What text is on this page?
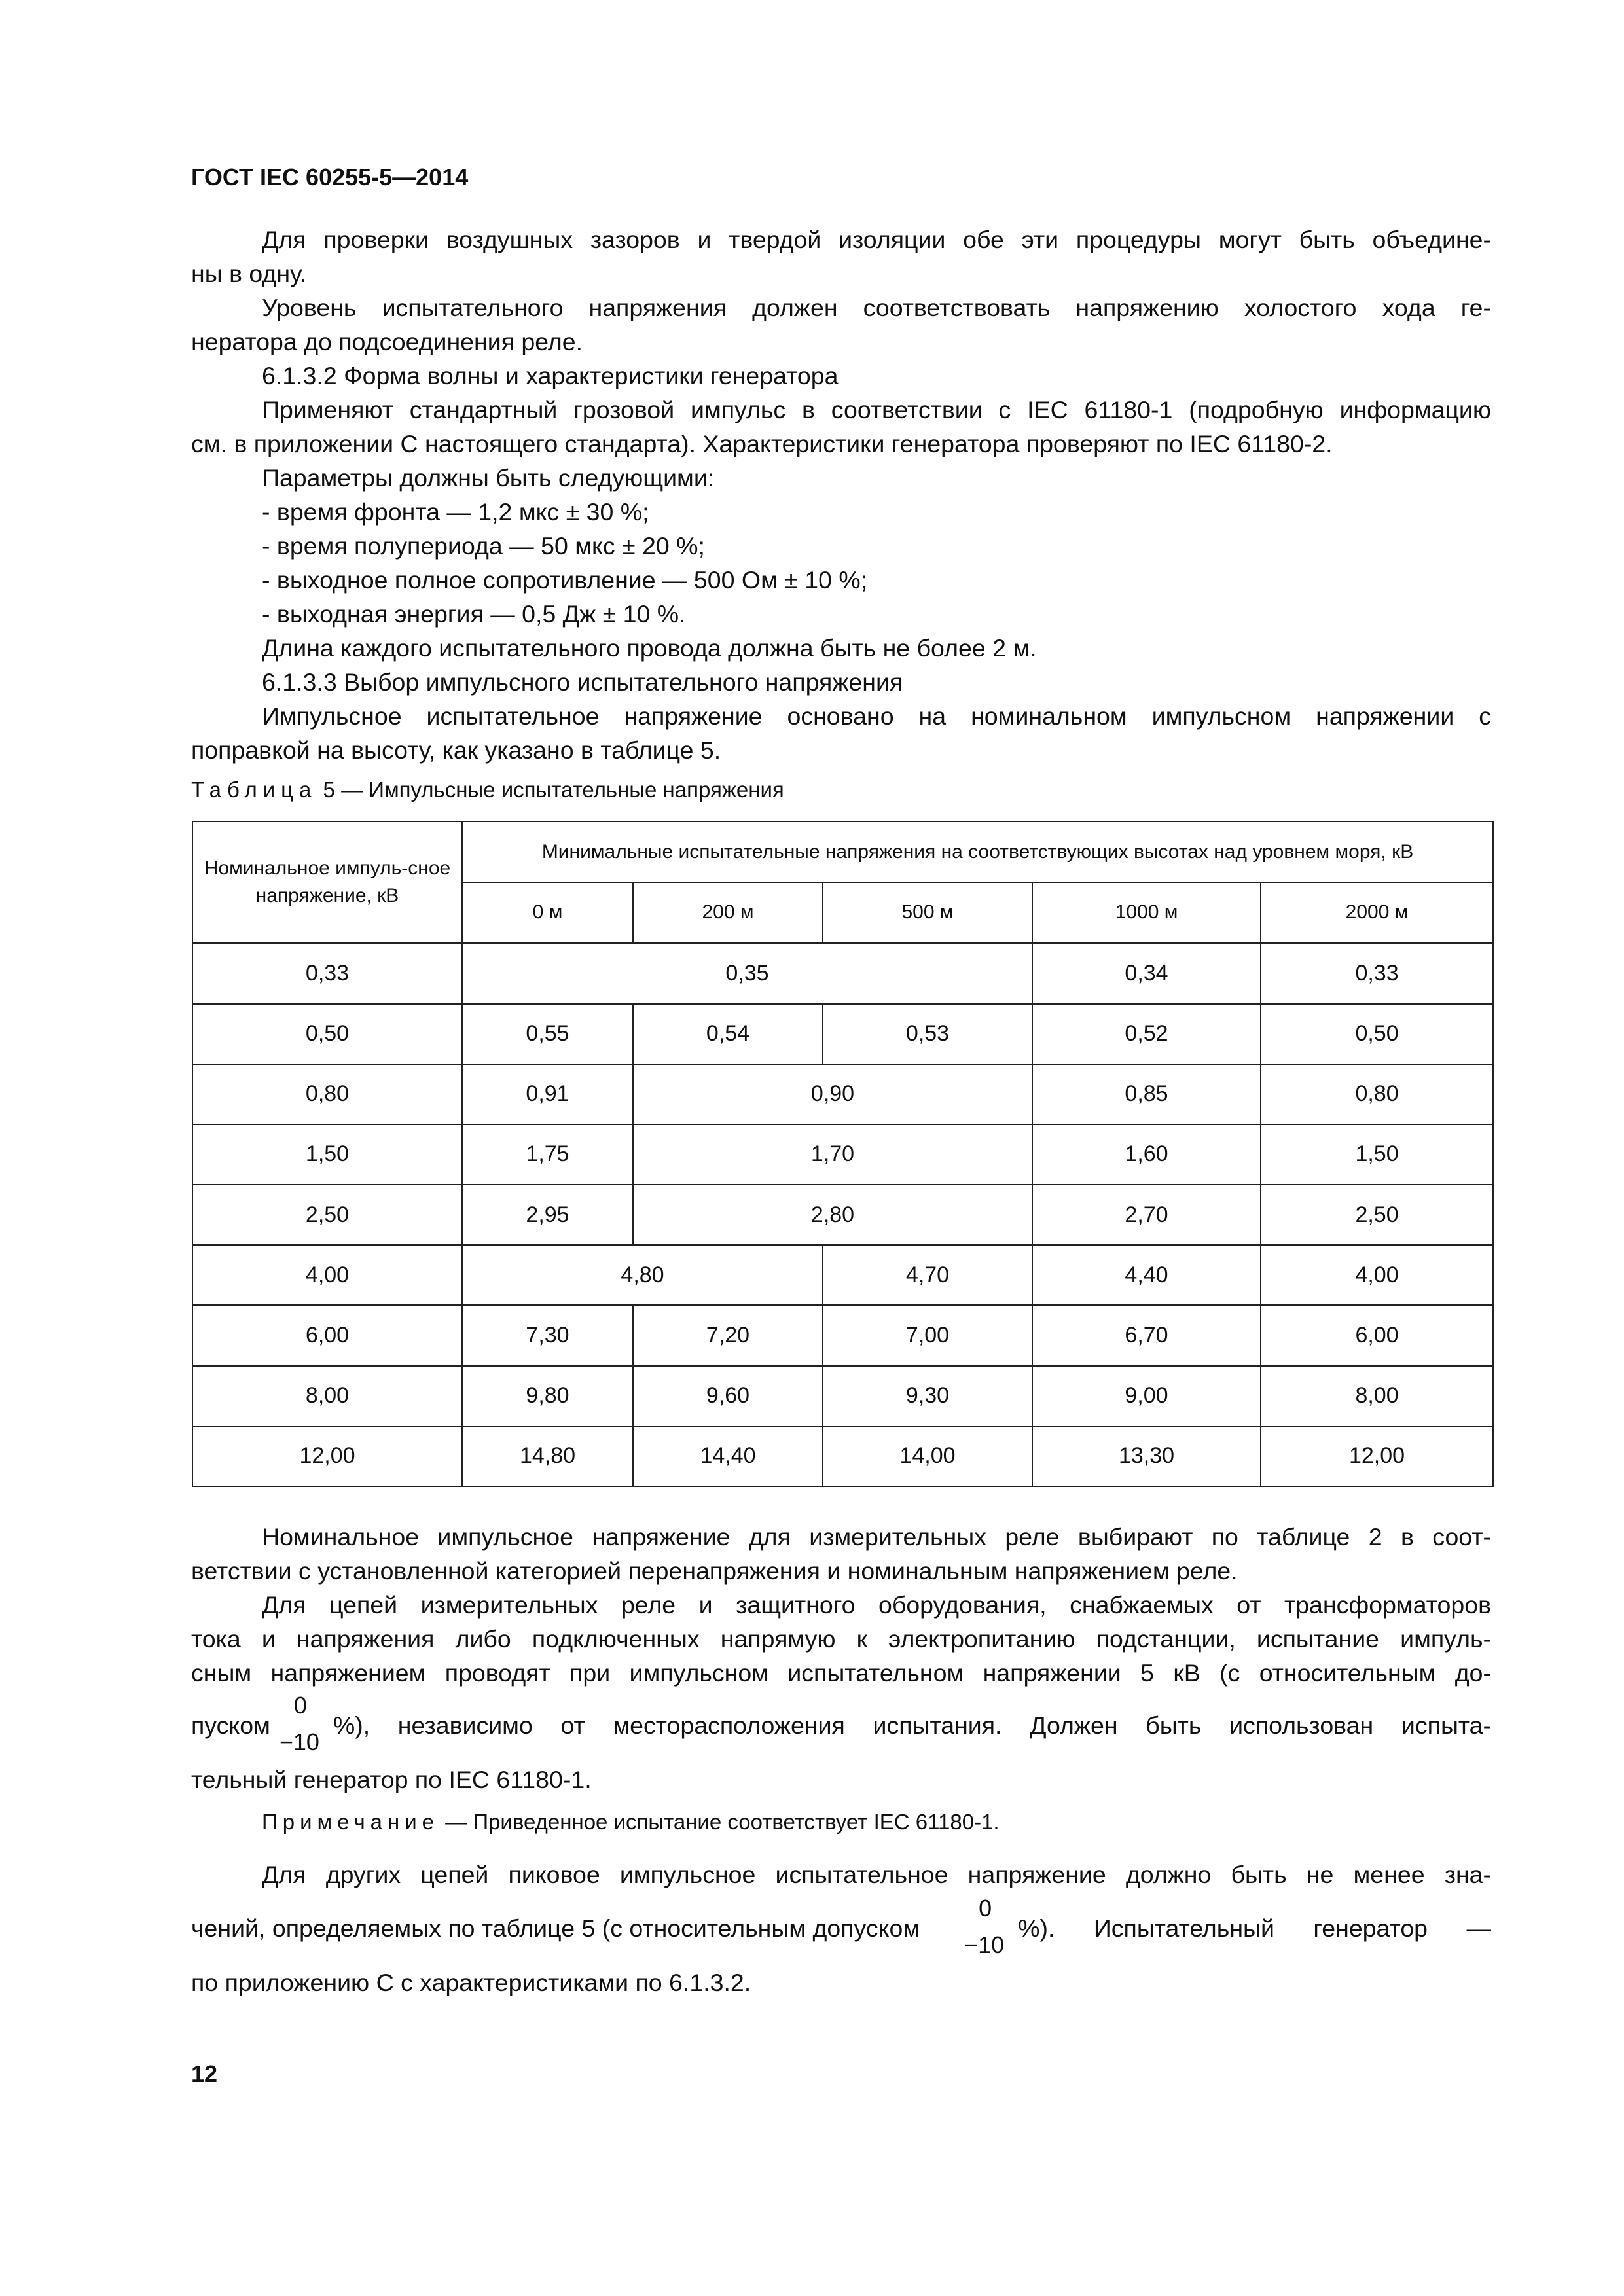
ГОСТ IEC 60255-5—2014
Для проверки воздушных зазоров и твердой изоляции обе эти процедуры могут быть объедине-
ны в одну.
Уровень испытательного напряжения должен соответствовать напряжению холостого хода ге-
нератора до подсоединения реле.
6.1.3.2 Форма волны и характеристики генератора
Применяют стандартный грозовой импульс в соответствии с IEC 61180-1 (подробную информацию
см. в приложении С настоящего стандарта). Характеристики генератора проверяют по IEC 61180-2.
Параметры должны быть следующими:
- время фронта — 1,2 мкс ± 30 %;
- время полупериода — 50 мкс ± 20 %;
- выходное полное сопротивление — 500 Ом ± 10 %;
- выходная энергия — 0,5 Дж ± 10 %.
Длина каждого испытательного провода должна быть не более 2 м.
6.1.3.3 Выбор импульсного испытательного напряжения
Импульсное испытательное напряжение основано на номинальном импульсном напряжении с
поправкой на высоту, как указано в таблице 5.
Таблица 5 — Импульсные испытательные напряжения
Номинальное импуль-сное напряжение, кВ	Минимальные испытательные напряжения на соответствующих высотах над уровнем моря, кВ				
	0 м	200 м	500 м	1000 м	2000 м
0,33	0,35			0,34	0,33
0,50	0,55	0,54	0,53	0,52	0,50
0,80	0,91	0,90		0,85	0,80
1,50	1,75	1,70		1,60	1,50
2,50	2,95	2,80		2,70	2,50
4,00	4,80		4,70	4,40	4,00
6,00	7,30	7,20	7,00	6,70	6,00
8,00	9,80	9,60	9,30	9,00	8,00
12,00	14,80	14,40	14,00	13,30	12,00
Номинальное импульсное напряжение для измерительных реле выбирают по таблице 2 в соот-
ветствии с установленной категорией перенапряжения и номинальным напряжением реле.
Для цепей измерительных реле и защитного оборудования, снабжаемых от трансформаторов
тока и напряжения либо подключенных напрямую к электропитанию подстанции, испытание импуль-
сным напряжением проводят при импульсном испытательном напряжении 5 кВ (с относительным до-
пуском
0
−10
%), независимо от месторасположения испытания. Должен быть использован испыта-
тельный генератор по IEC 61180-1.
Примечание — Приведенное испытание соответствует IEC 61180-1.
Для других цепей пиковое импульсное испытательное напряжение должно быть не менее зна-
чений, определяемых по таблице 5 (с относительным допуском
0
−10
%). Испытательный генератор —
по приложению С с характеристиками по 6.1.3.2.
12
